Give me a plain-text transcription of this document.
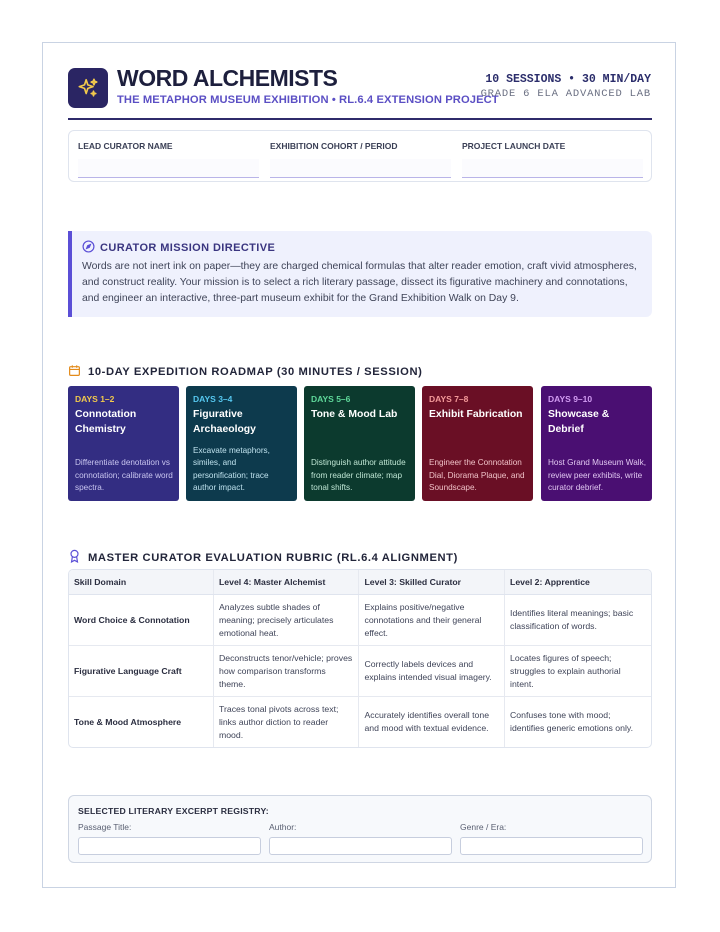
WORD ALCHEMISTS
THE METAPHOR MUSEUM EXHIBITION • RL.6.4 EXTENSION PROJECT
10 SESSIONS • 30 MIN/DAY
GRADE 6 ELA ADVANCED LAB
LEAD CURATOR NAME	EXHIBITION COHORT / PERIOD	PROJECT LAUNCH DATE
CURATOR MISSION DIRECTIVE
Words are not inert ink on paper—they are charged chemical formulas that alter reader emotion, craft vivid atmospheres, and construct reality. Your mission is to select a rich literary passage, dissect its figurative machinery and connotations, and engineer an interactive, three-part museum exhibit for the Grand Exhibition Walk on Day 9.
10-DAY EXPEDITION ROADMAP (30 MINUTES / SESSION)
DAYS 1–2
Connotation Chemistry
Differentiate denotation vs connotation; calibrate word spectra.
DAYS 3–4
Figurative Archaeology
Excavate metaphors, similes, and personification; trace author impact.
DAYS 5–6
Tone & Mood Lab
Distinguish author attitude from reader climate; map tonal shifts.
DAYS 7–8
Exhibit Fabrication
Engineer the Connotation Dial, Diorama Plaque, and Soundscape.
DAYS 9–10
Showcase & Debrief
Host Grand Museum Walk, review peer exhibits, write curator debrief.
MASTER CURATOR EVALUATION RUBRIC (RL.6.4 ALIGNMENT)
Skill Domain	Level 4: Master Alchemist	Level 3: Skilled Curator	Level 2: Apprentice
Word Choice & Connotation	Analyzes subtle shades of meaning; precisely articulates emotional heat.	Explains positive/negative connotations and their general effect.	Identifies literal meanings; basic classification of words.
Figurative Language Craft	Deconstructs tenor/vehicle; proves how comparison transforms theme.	Correctly labels devices and explains intended visual imagery.	Locates figures of speech; struggles to explain authorial intent.
Tone & Mood Atmosphere	Traces tonal pivots across text; links author diction to reader mood.	Accurately identifies overall tone and mood with textual evidence.	Confuses tone with mood; identifies generic emotions only.
SELECTED LITERARY EXCERPT REGISTRY:
Passage Title:	Author:	Genre / Era:
